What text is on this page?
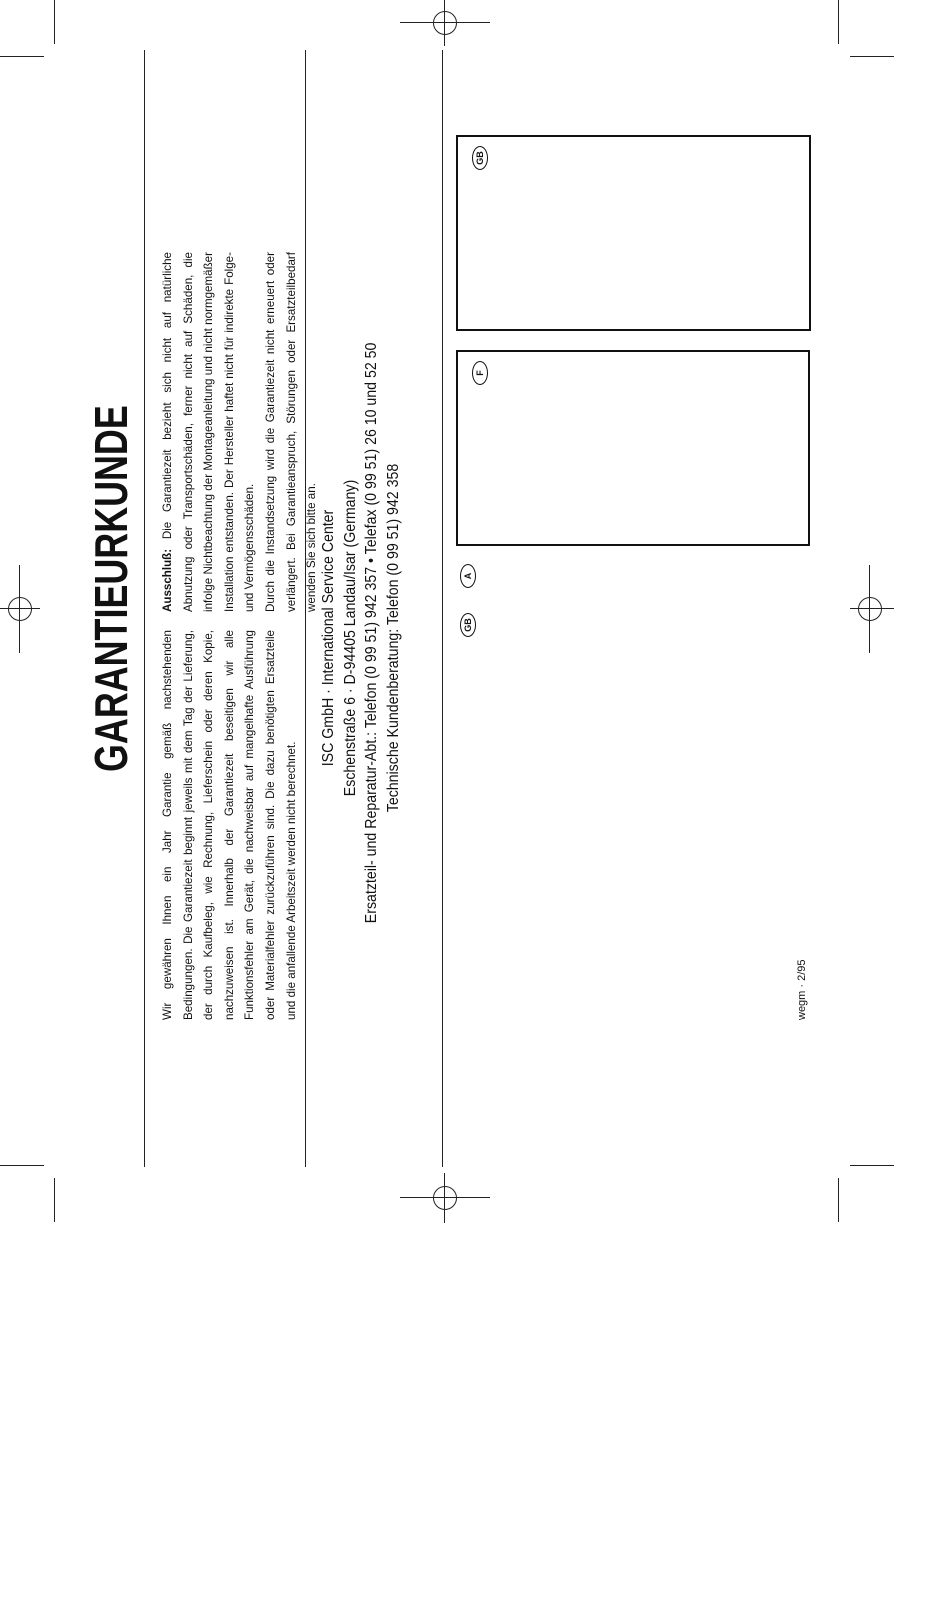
GARANTIEURKUNDE
Wir gewähren Ihnen ein Jahr Garantie gemäß nachstehenden Bedingungen. Die Garantiezeit beginnt jeweils mit dem Tag der Lieferung, der durch Kaufbeleg, wie Rechnung, Lieferschein oder deren Kopie, nachzuweisen ist. Innerhalb der Garantiezeit beseitigen wir alle Funktionsfehler am Gerät, die nachweisbar auf mangelhafte Ausführung oder Materialfehler zurückzuführen sind. Die dazu benötigten Ersatzteile und die anfallende Arbeitszeit werden nicht berechnet.
Ausschluß: Die Garantiezeit bezieht sich nicht auf natürliche Abnutzung oder Transportschäden, ferner nicht auf Schäden, die infolge Nichtbeachtung der Montageanleitung und nicht normgemäßer Installation entstanden. Der Hersteller haftet nicht für indirekte Folge- und Vermögensschäden. Durch die Instandsetzung wird die Garantiezeit nicht erneuert oder verlängert. Bei Garantieanspruch, Störungen oder Ersatzteilbedarf wenden Sie sich bitte an. ISC GmbH · International Service Center Eschenstraße 6 · D-94405 Landau/Isar (Germany) Ersatzteil- und Reparatur-Abt.: Telefon (0 99 51) 942 357 • Telefax (0 99 51) 26 10 und 52 50 Technische Kundenberatung: Telefon (0 99 51) 942 358
GB
F
A
GB
wegm · 2/95
